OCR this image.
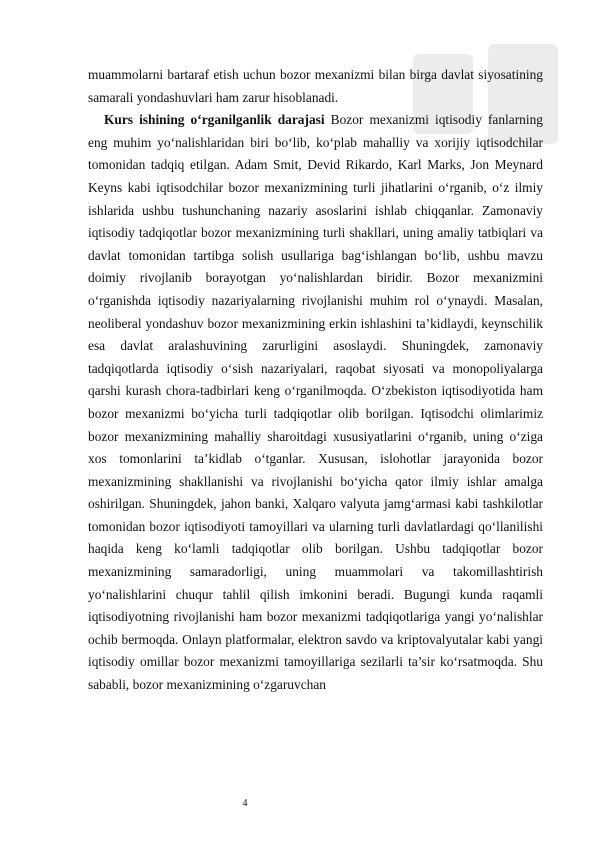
muammolarni bartaraf etish uchun bozor mexanizmi bilan birga davlat siyosatining samarali yondashuvlari ham zarur hisoblanadi.

Kurs ishining o‘rganilganlik darajasi Bozor mexanizmi iqtisodiy fanlarning eng muhim yo‘nalishlaridan biri bo‘lib, ko‘plab mahalliy va xorijiy iqtisodchilar tomonidan tadqiq etilgan. Adam Smit, Devid Rikardo, Karl Marks, Jon Meynard Keyns kabi iqtisodchilar bozor mexanizmining turli jihatlarini o‘rganib, o‘z ilmiy ishlarida ushbu tushunchaning nazariy asoslarini ishlab chiqqanlar. Zamonaviy iqtisodiy tadqiqotlar bozor mexanizmining turli shakllari, uning amaliy tatbiqlari va davlat tomonidan tartibga solish usullariga bag‘ishlangan bo‘lib, ushbu mavzu doimiy rivojlanib borayotgan yo‘nalishlardan biridir. Bozor mexanizmini o‘rganishda iqtisodiy nazariyalarning rivojlanishi muhim rol o‘ynaydi. Masalan, neoliberal yondashuv bozor mexanizmining erkin ishlashini ta’kidlaydi, keynschilik esa davlat aralashuvining zarurligini asoslaydi. Shuningdek, zamonaviy tadqiqotlarda iqtisodiy o‘sish nazariyalari, raqobat siyosati va monopoliyalarga qarshi kurash chora-tadbirlari keng o‘rganilmoqda. O‘zbekiston iqtisodiyotida ham bozor mexanizmi bo‘yicha turli tadqiqotlar olib borilgan. Iqtisodchi olimlarimiz bozor mexanizmining mahalliy sharoitdagi xususiyatlarini o‘rganib, uning o‘ziga xos tomonlarini ta’kidlab o‘tganlar. Xususan, islohotlar jarayonida bozor mexanizmining shakllanishi va rivojlanishi bo‘yicha qator ilmiy ishlar amalga oshirilgan. Shuningdek, jahon banki, Xalqaro valyuta jamg‘armasi kabi tashkilotlar tomonidan bozor iqtisodiyoti tamoyillari va ularning turli davlatlardagi qo‘llanilishi haqida keng ko‘lamli tadqiqotlar olib borilgan. Ushbu tadqiqotlar bozor mexanizmining samaradorligi, uning muammolari va takomillashtirish yo‘nalishlarini chuqur tahlil qilish imkonini beradi. Bugungi kunda raqamli iqtisodiyotning rivojlanishi ham bozor mexanizmi tadqiqotlariga yangi yo‘nalishlar ochib bermoqda. Onlayn platformalar, elektron savdo va kriptovalyutalar kabi yangi iqtisodiy omillar bozor mexanizmi tamoyillariga sezilarli ta’sir ko‘rsatmoqda. Shu sababli, bozor mexanizmining o‘zgaruvchan

4
